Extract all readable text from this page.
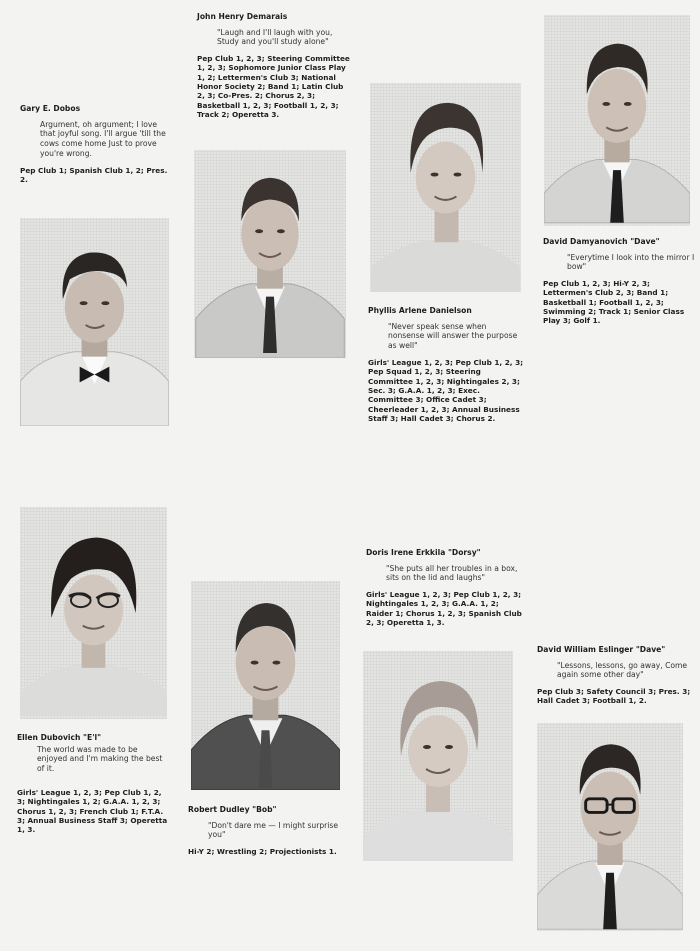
Gary E. Dobos
Argument, oh argument; I love that joyful song. I'll argue 'till the cows come home Just to prove you're wrong.
Pep Club 1; Spanish Club 1, 2; Pres. 2.
John Henry Demarais
"Laugh and I'll laugh with you, Study and you'll study alone"
Pep Club 1, 2, 3; Steering Committee 1, 2, 3; Sophomore Junior Class Play 1, 2; Lettermen's Club 3; National Honor Society 2; Band 1; Latin Club 2, 3; Co-Pres. 2; Chorus 2, 3; Basketball 1, 2, 3; Football 1, 2, 3; Track 2; Operetta 3.
Phyllis Arlene Danielson
"Never speak sense when nonsense will answer the purpose as well"
Girls' League 1, 2, 3; Pep Club 1, 2, 3; Pep Squad 1, 2, 3; Steering Committee 1, 2, 3; Nightingales 2, 3; Sec. 3; G.A.A. 1, 2, 3; Exec. Committee 3; Office Cadet 3; Cheerleader 1, 2, 3; Annual Business Staff 3; Hall Cadet 3; Chorus 2.
David Damyanovich "Dave"
"Everytime I look into the mirror I bow"
Pep Club 1, 2, 3; Hi-Y 2, 3; Lettermen's Club 2, 3; Band 1; Basketball 1; Football 1, 2, 3; Swimming 2; Track 1; Senior Class Play 3; Golf 1.
Ellen Dubovich "E'l"
The world was made to be enjoyed and I'm making the best of it.
Girls' League 1, 2, 3; Pep Club 1, 2, 3; Nightingales 1, 2; G.A.A. 1, 2, 3; Chorus 1, 2, 3; French Club 1; F.T.A. 3; Annual Business Staff 3; Operetta 1, 3.
Robert Dudley "Bob"
"Don't dare me — I might surprise you"
Hi-Y 2; Wrestling 2; Projectionists 1.
Doris Irene Erkkila "Dorsy"
"She puts all her troubles in a box, sits on the lid and laughs"
Girls' League 1, 2, 3; Pep Club 1, 2, 3; Nightingales 1, 2, 3; G.A.A. 1, 2; Raider 1; Chorus 1, 2, 3; Spanish Club 2, 3; Operetta 1, 3.
David William Eslinger "Dave"
"Lessons, lessons, go away, Come again some other day"
Pep Club 3; Safety Council 3; Pres. 3; Hall Cadet 3; Football 1, 2.
